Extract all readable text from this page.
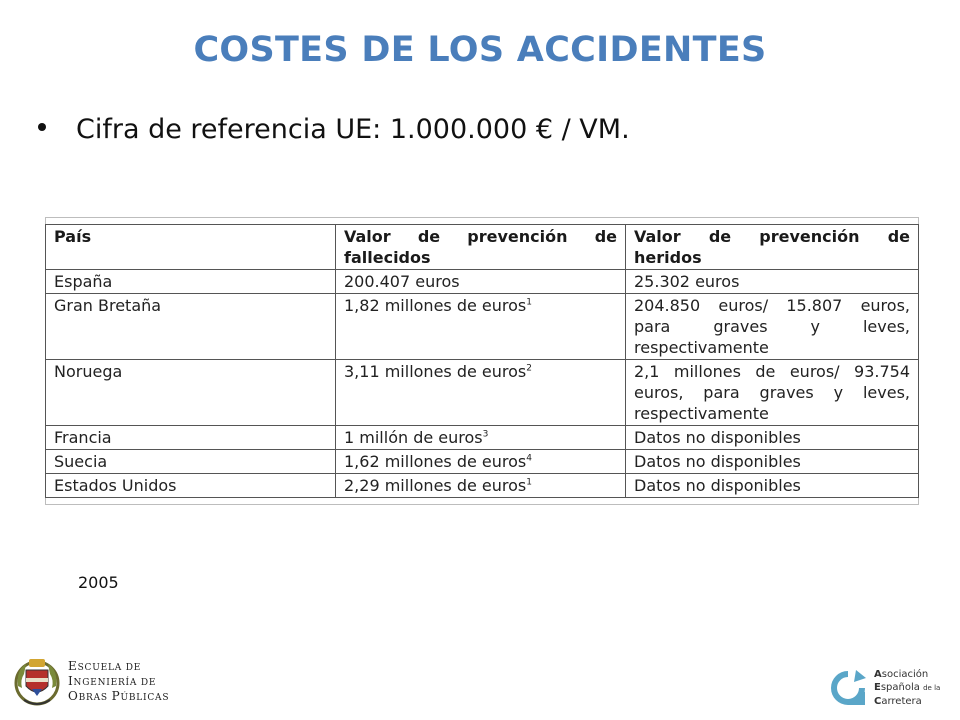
COSTES DE LOS ACCIDENTES
Cifra de referencia UE: 1.000.000 € / VM.
País	Valor de prevención de fallecidos	Valor de prevención de heridos
España	200.407 euros	25.302 euros
Gran Bretaña	1,82 millones de euros$^1$	204.850 euros/ 15.807 euros, para graves y leves, respectivamente
Noruega	3,11 millones de euros$^2$	2,1 millones de euros/ 93.754 euros, para graves y leves, respectivamente
Francia	1 millón de euros$^3$	Datos no disponibles
Suecia	1,62 millones de euros$^4$	Datos no disponibles
Estados Unidos	2,29 millones de euros$^1$	Datos no disponibles
2005
ESCUELA DE
INGENIERÍA DE
OBRAS PÚBLICAS
Asociación
Española de la
Carretera
